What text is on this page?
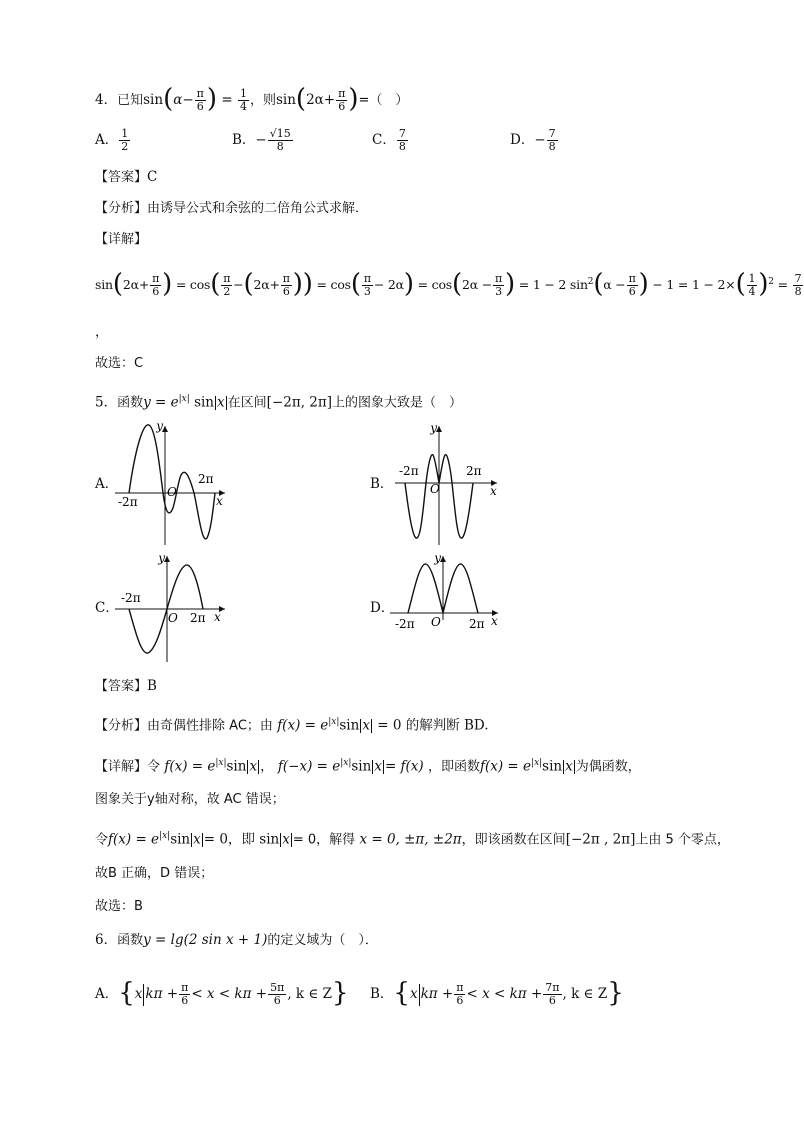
4．已知$\sin(\alpha- \frac{\pi}{6}$ ) = $\frac{1}{4}$ ，则$\sin(2\alpha+ \frac{\pi}{6}$ )=（　）
A． $\frac{1}{2}$	B．− $\frac{√15}{8}$	C． $\frac{7}{8}$	D．− $\frac{7}{8}$
【答案】C
【分析】由诱导公式和余弦的二倍角公式求解．
【详解】
$\sin(2\alpha+ \frac{\pi}{6}$ ) = $\cos( \frac{\pi}{2} -(2\alpha+ \frac{\pi}{6}$ )) = $\cos( \frac{\pi}{3} - 2\alpha) = \cos(2\alpha - \frac{\pi}{3}$ ) = 1 − 2 $\sin^2(\alpha - \frac{\pi}{6}$ ) − $1 = 1 - 2\times( \frac{1}{4} )^2 = \frac{7}{8}$
，
故选：C
5．函数$y = e^{|x|}$ sin x 在区间[−2π, 2π]上的图象大致是（　）
A．
y
x
O
-2π
2π	B．
y
x
O
-2π	2π
C．
y
x
O
-2π
2π
D．
y
x
O
-2π	2π
【答案】B
【分析】由奇偶性排除 AC；由 $f(x) = e^{|x|}\sin$ x = 0 的解判断 BD.
【详解】令 $f(x) = e^{|x|}\sin$ x ， $f(-x) = e^{|x|}\sin$ x = f(x) ，即函数$f(x) = e^{|x|}\sin$ x 为偶函数，
图象关于y轴对称，故 AC 错误；
令$f(x) = e^{|x|}\sin$ x = 0，即 sin x = 0，解得 x = 0, ±π, ±2π，即该函数在区间[−2π , 2π]上由 5 个零点，
故B 正确，D 错误；
故选：B
6．函数y = lg(2 sin x + 1)的定义域为（　）．
A．{x $k\pi + \frac{\pi}{6} < x < k\pi + \frac{5\pi}{6}$ , k ∈ Z} B．{x $k\pi + \frac{\pi}{6} < x < k\pi + \frac{7\pi}{6}$ , k ∈ Z}
